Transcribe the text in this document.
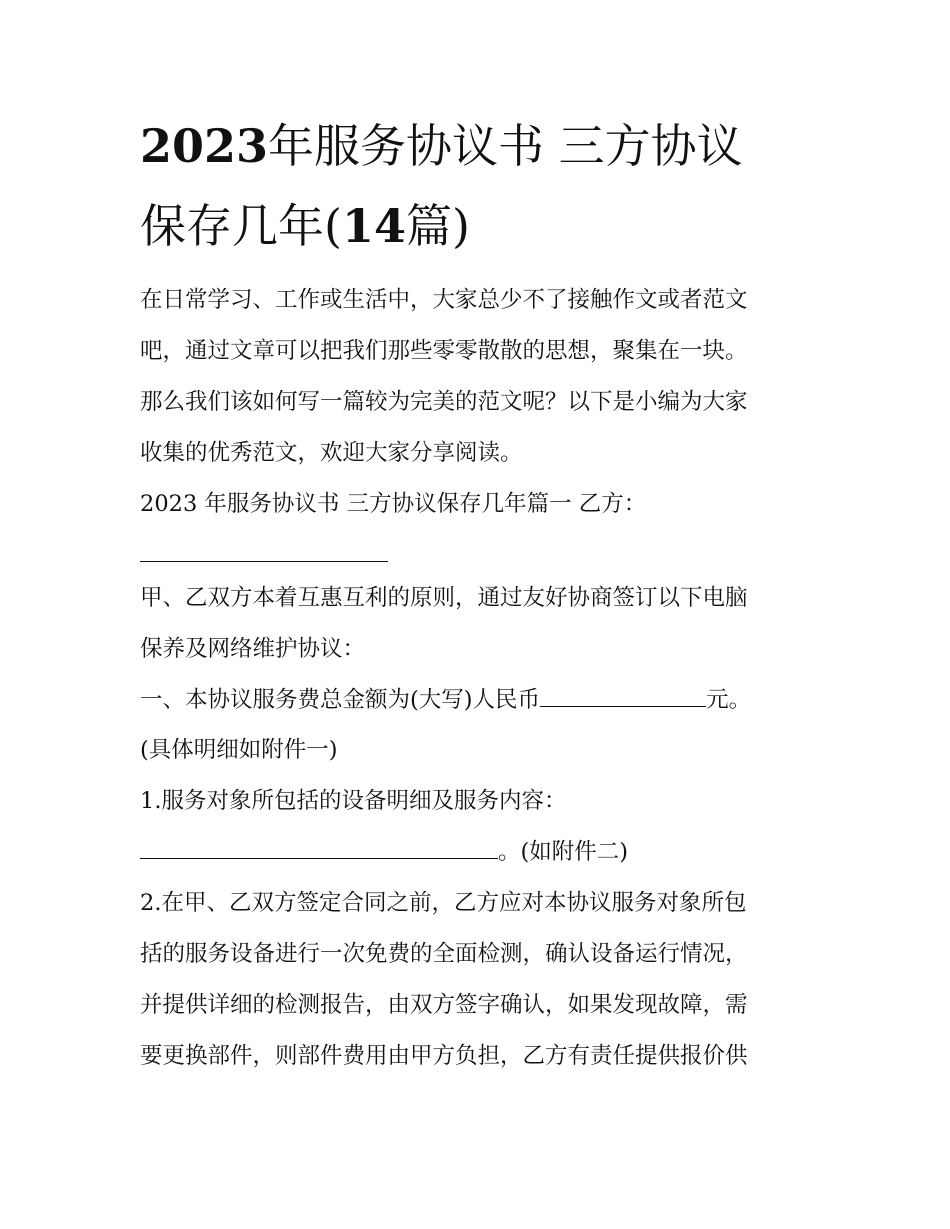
2023年服务协议书 三方协议
保存几年(14篇)
在日常学习、工作或生活中，大家总少不了接触作文或者范文
吧，通过文章可以把我们那些零零散散的思想，聚集在一块。
那么我们该如何写一篇较为完美的范文呢？以下是小编为大家
收集的优秀范文，欢迎大家分享阅读。
2023 年服务协议书 三方协议保存几年篇一 乙方：
甲、乙双方本着互惠互利的原则，通过友好协商签订以下电脑
保养及网络维护协议：
一、本协议服务费总金额为(大写)人民币	元。
(具体明细如附件一)
1.服务对象所包括的设备明细及服务内容：
。(如附件二)
2.在甲、乙双方签定合同之前，乙方应对本协议服务对象所包
括的服务设备进行一次免费的全面检测，确认设备运行情况，
并提供详细的检测报告，由双方签字确认，如果发现故障，需
要更换部件，则部件费用由甲方负担，乙方有责任提供报价供
